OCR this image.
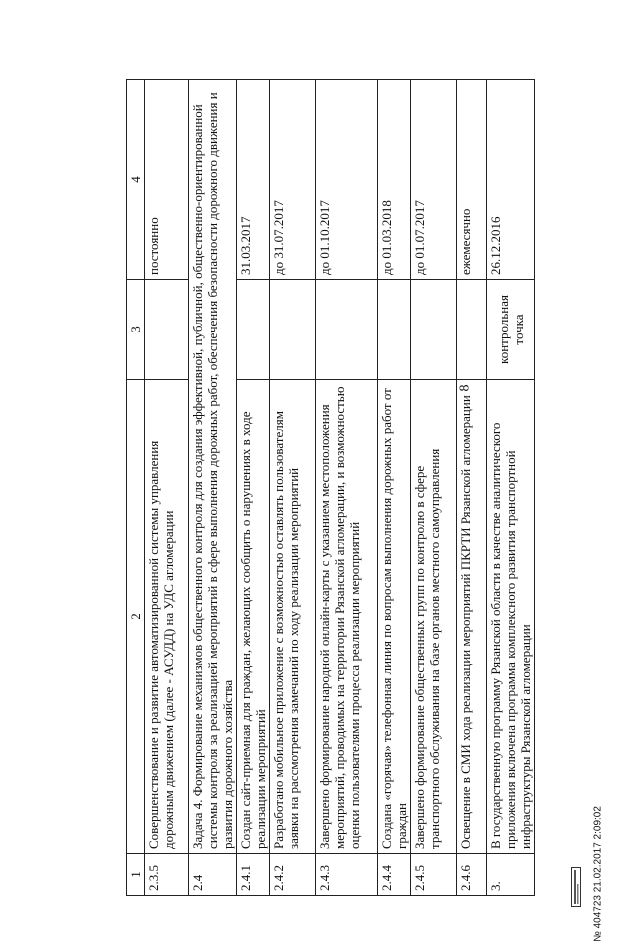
8
1	2	3	4
2.3.5	Совершенствование и развитие автоматизированной системы управления дорожным движением (далее - АСУДД) на УДС агломерации		постоянно
2.4	Задача 4. Формирование механизмов общественного контроля для создания эффективной, публичной, общественно-ориентированной системы контроля за реализацией мероприятий в сфере выполнения дорожных работ, обеспечения безопасности дорожного движения и развития дорожного хозяйства		
2.4.1	Создан сайт-приемная для граждан, желающих сообщить о нарушениях в ходе реализации мероприятий		31.03.2017
2.4.2	Разработано мобильное приложение с возможностью оставлять пользователям заявки на рассмотрения замечаний по ходу реализации мероприятий		до 31.07.2017
2.4.3	Завершено формирование народной онлайн-карты с указанием местоположения мероприятий, проводимых на территории Рязанской агломерации, и возможностью оценки пользователями процесса реализации мероприятий		до 01.10.2017
2.4.4	Создана «горячая» телефонная линия по вопросам выполнения дорожных работ от граждан		до 01.03.2018
2.4.5	Завершено формирование общественных групп по контролю в сфере транспортного обслуживания на базе органов местного самоуправления		до 01.07.2017
2.4.6	Освещение в СМИ хода реализации мероприятий ПКРТИ Рязанской агломерации		ежемесячно
3.	В государственную программу Рязанской области в качестве аналитического приложения включена программа комплексного развития транспортной инфраструктуры Рязанской агломерации	контрольная точка	26.12.2016
№ 404723 21.02.2017 2:09:02
